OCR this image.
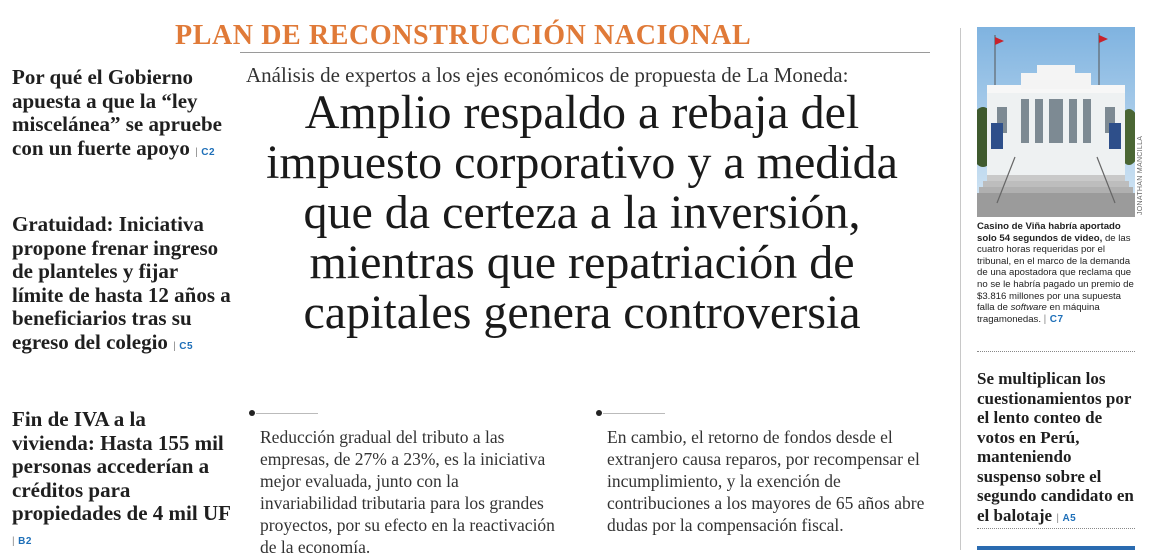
PLAN DE RECONSTRUCCIÓN NACIONAL
Por qué el Gobierno apuesta a que la “ley miscelánea” se apruebe con un fuerte apoyo | C2
Gratuidad: Iniciativa propone frenar ingreso de planteles y fijar límite de hasta 12 años a beneficiarios tras su egreso del colegio | C5
Fin de IVA a la vivienda: Hasta 155 mil personas accederían a créditos para propiedades de 4 mil UF | B2
Análisis de expertos a los ejes económicos de propuesta de La Moneda:
Amplio respaldo a rebaja del impuesto corporativo y a medida que da certeza a la inversión, mientras que repatriación de capitales genera controversia
Reducción gradual del tributo a las empresas, de 27% a 23%, es la iniciativa mejor evaluada, junto con la invariabilidad tributaria para los grandes proyectos, por su efecto en la reactivación de la economía.
En cambio, el retorno de fondos desde el extranjero causa reparos, por recompensar el incumplimiento, y la exención de contribuciones a los mayores de 65 años abre dudas por la compensación fiscal.
JONATHAN MANCILLA
Casino de Viña habría aportado solo 54 segundos de video, de las cuatro horas requeridas por el tribunal, en el marco de la demanda de una apostadora que reclama que no se le habría pagado un premio de $3.816 millones por una supuesta falla de software en máquina tragamonedas. | C7
Se multiplican los cuestionamientos por el lento conteo de votos en Perú, manteniendo suspenso sobre el segundo candidato en el balotaje | A5
